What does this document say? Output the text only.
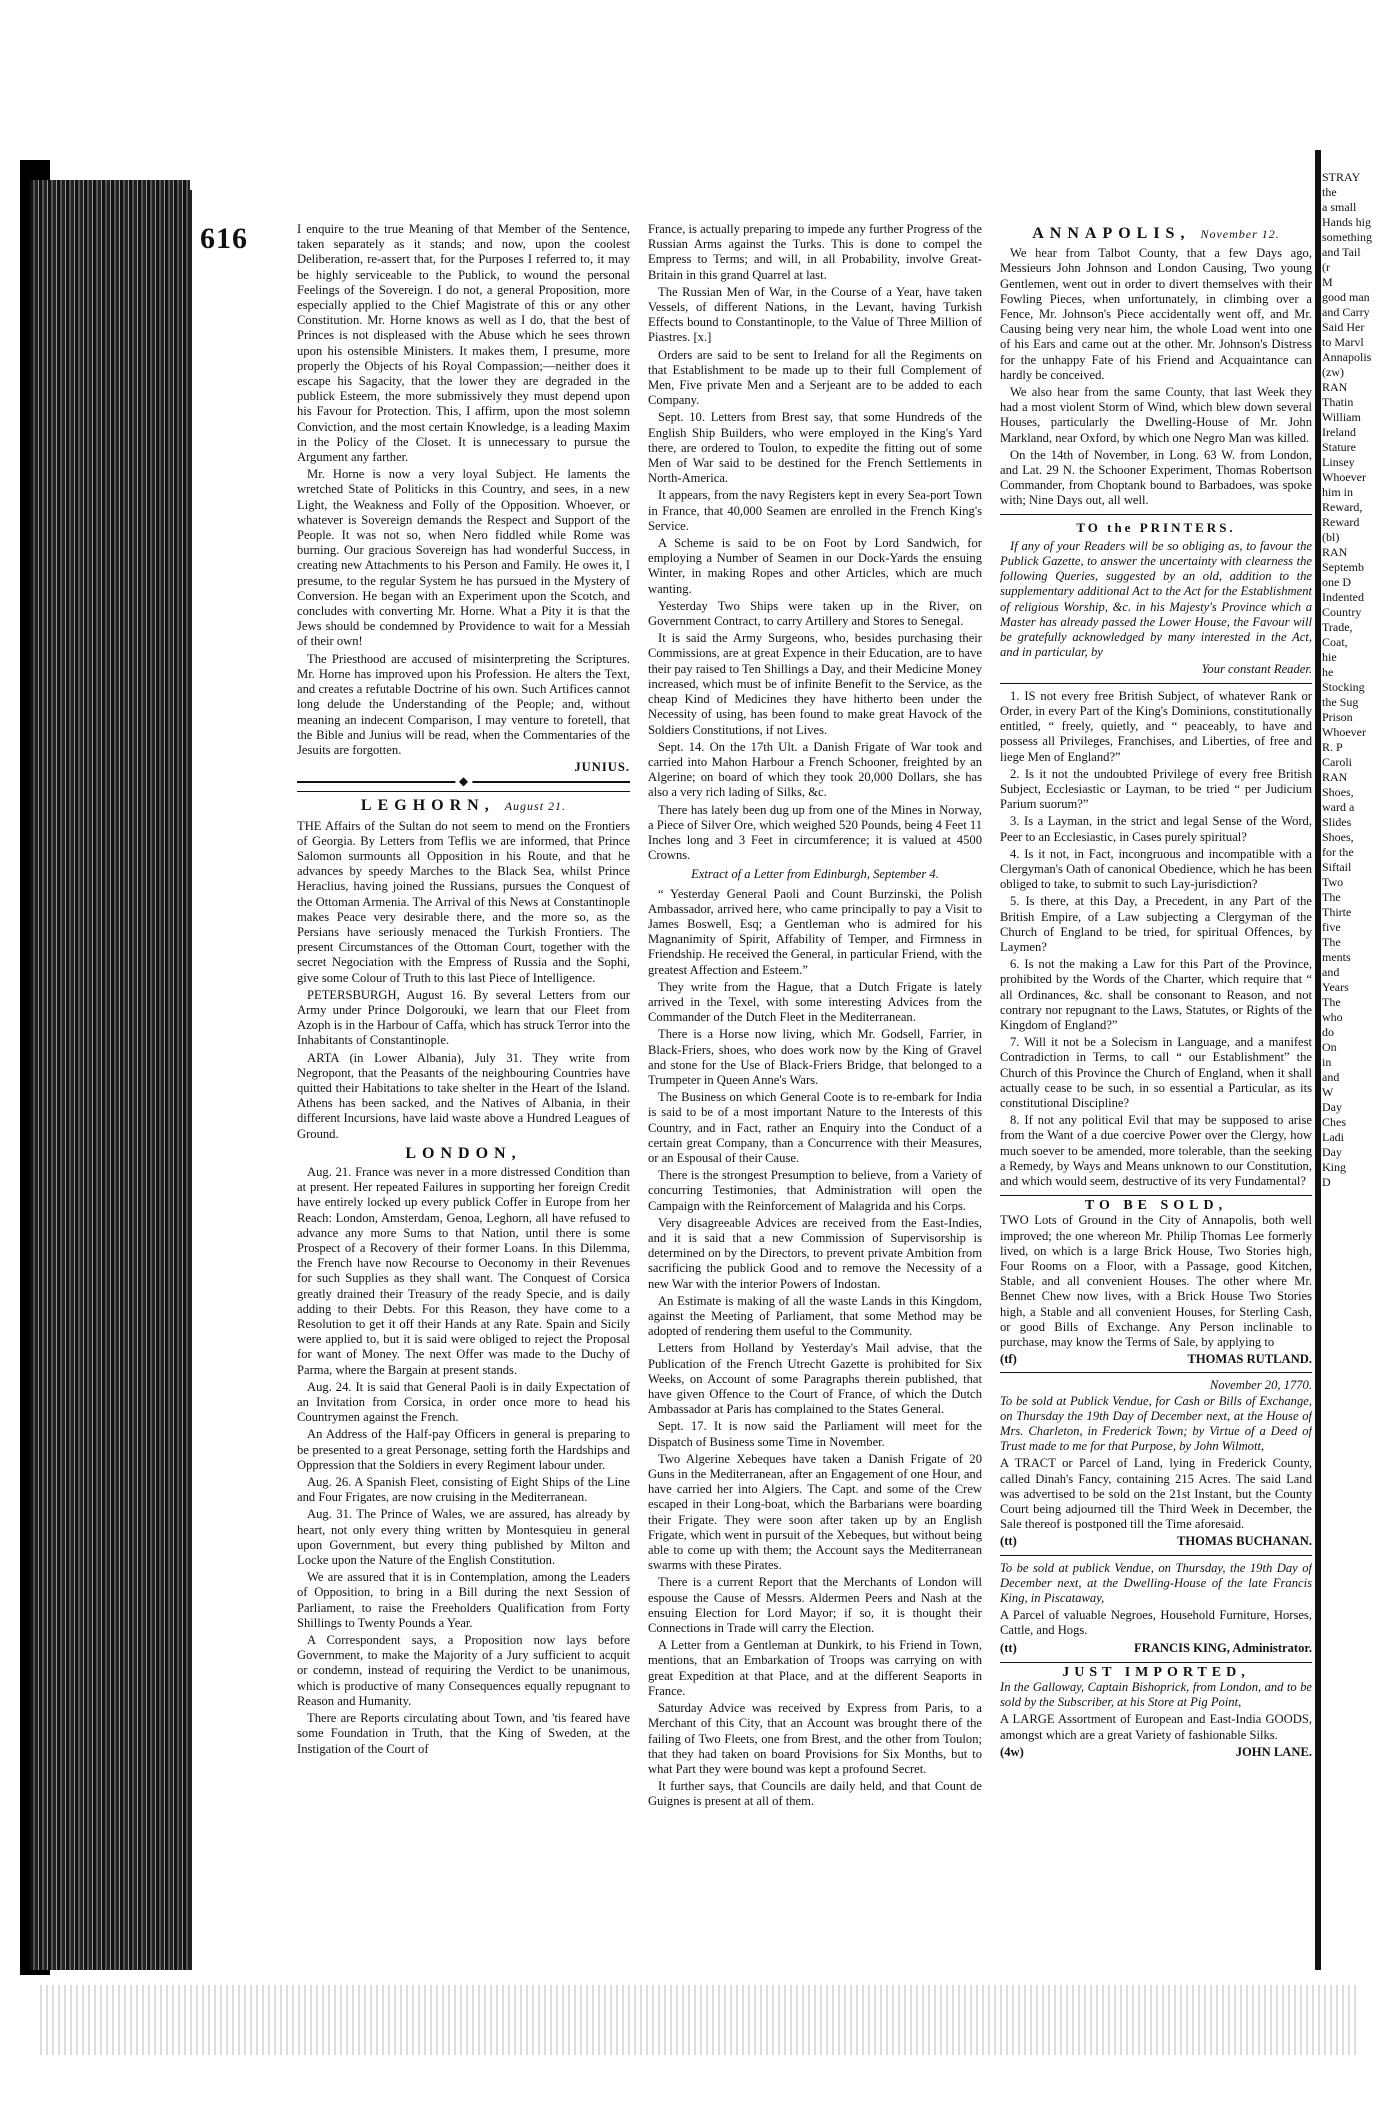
616	I enquire to the true Meaning of that Member of the Sentence, taken separately as it stands; and now, upon the coolest Deliberation, re-assert that, for the Purposes I referred to, it may be highly serviceable to the Publick, to wound the personal Feelings of the Sovereign. I do not, a general Proposition, more especially applied to the Chief Magistrate of this or any other Constitution. Mr. Horne knows as well as I do, that the best of Princes is not displeased with the Abuse which he sees thrown upon his ostensible Ministers. It makes them, I presume, more properly the Objects of his Royal Compassion;—neither does it escape his Sagacity, that the lower they are degraded in the publick Esteem, the more submissively they must depend upon his Favour for Protection. This, I affirm, upon the most solemn Conviction, and the most certain Knowledge, is a leading Maxim in the Policy of the Closet. It is unnecessary to pursue the Argument any farther.

Mr. Horne is now a very loyal Subject. He laments the wretched State of Politicks in this Country, and sees, in a new Light, the Weakness and Folly of the Opposition. Whoever, or whatever is Sovereign demands the Respect and Support of the People. It was not so, when Nero fiddled while Rome was burning. Our gracious Sovereign has had wonderful Success, in creating new Attachments to his Person and Family. He owes it, I presume, to the regular System he has pursued in the Mystery of Conversion. He began with an Experiment upon the Scotch, and concludes with converting Mr. Horne. What a Pity it is that the Jews should be condemned by Providence to wait for a Messiah of their own!

The Priesthood are accused of misinterpreting the Scriptures. Mr. Horne has improved upon his Profession. He alters the Text, and creates a refutable Doctrine of his own. Such Artifices cannot long delude the Understanding of the People; and, without meaning an indecent Comparison, I may venture to foretell, that the Bible and Junius will be read, when the Commentaries of the Jesuits are forgotten.

JUNIUS.
◆
LEGHORN, August 21.

THE Affairs of the Sultan do not seem to mend on the Frontiers of Georgia. By Letters from Teflis we are informed, that Prince Salomon surmounts all Opposition in his Route, and that he advances by speedy Marches to the Black Sea, whilst Prince Heraclius, having joined the Russians, pursues the Conquest of the Ottoman Armenia. The Arrival of this News at Constantinople makes Peace very desirable there, and the more so, as the Persians have seriously menaced the Turkish Frontiers. The present Circumstances of the Ottoman Court, together with the secret Negociation with the Empress of Russia and the Sophi, give some Colour of Truth to this last Piece of Intelligence.

PETERSBURGH, August 16. By several Letters from our Army under Prince Dolgorouki, we learn that our Fleet from Azoph is in the Harbour of Caffa, which has struck Terror into the Inhabitants of Constantinople.

ARTA (in Lower Albania), July 31. They write from Negropont, that the Peasants of the neighbouring Countries have quitted their Habitations to take shelter in the Heart of the Island. Athens has been sacked, and the Natives of Albania, in their different Incursions, have laid waste above a Hundred Leagues of Ground.

LONDON,

Aug. 21. France was never in a more distressed Condition than at present. Her repeated Failures in supporting her foreign Credit have entirely locked up every publick Coffer in Europe from her Reach: London, Amsterdam, Genoa, Leghorn, all have refused to advance any more Sums to that Nation, until there is some Prospect of a Recovery of their former Loans. In this Dilemma, the French have now Recourse to Oeconomy in their Revenues for such Supplies as they shall want. The Conquest of Corsica greatly drained their Treasury of the ready Specie, and is daily adding to their Debts. For this Reason, they have come to a Resolution to get it off their Hands at any Rate. Spain and Sicily were applied to, but it is said were obliged to reject the Proposal for want of Money. The next Offer was made to the Duchy of Parma, where the Bargain at present stands.

Aug. 24. It is said that General Paoli is in daily Expectation of an Invitation from Corsica, in order once more to head his Countrymen against the French.

An Address of the Half-pay Officers in general is preparing to be presented to a great Personage, setting forth the Hardships and Oppression that the Soldiers in every Regiment labour under.

Aug. 26. A Spanish Fleet, consisting of Eight Ships of the Line and Four Frigates, are now cruising in the Mediterranean.

Aug. 31. The Prince of Wales, we are assured, has already by heart, not only every thing written by Montesquieu in general upon Government, but every thing published by Milton and Locke upon the Nature of the English Constitution.

We are assured that it is in Contemplation, among the Leaders of Opposition, to bring in a Bill during the next Session of Parliament, to raise the Freeholders Qualification from Forty Shillings to Twenty Pounds a Year.

A Correspondent says, a Proposition now lays before Government, to make the Majority of a Jury sufficient to acquit or condemn, instead of requiring the Verdict to be unanimous, which is productive of many Consequences equally repugnant to Reason and Humanity.

There are Reports circulating about Town, and 'tis feared have some Foundation in Truth, that the King of Sweden, at the Instigation of the Court of

France, is actually preparing to impede any further Progress of the Russian Arms against the Turks. This is done to compel the Empress to Terms; and will, in all Probability, involve Great-Britain in this grand Quarrel at last.

The Russian Men of War, in the Course of a Year, have taken Vessels, of different Nations, in the Levant, having Turkish Effects bound to Constantinople, to the Value of Three Million of Piastres. [x.]

Orders are said to be sent to Ireland for all the Regiments on that Establishment to be made up to their full Complement of Men, Five private Men and a Serjeant are to be added to each Company.

Sept. 10. Letters from Brest say, that some Hundreds of the English Ship Builders, who were employed in the King's Yard there, are ordered to Toulon, to expedite the fitting out of some Men of War said to be destined for the French Settlements in North-America.

It appears, from the navy Registers kept in every Sea-port Town in France, that 40,000 Seamen are enrolled in the French King's Service.

A Scheme is said to be on Foot by Lord Sandwich, for employing a Number of Seamen in our Dock-Yards the ensuing Winter, in making Ropes and other Articles, which are much wanting.

Yesterday Two Ships were taken up in the River, on Government Contract, to carry Artillery and Stores to Senegal.

It is said the Army Surgeons, who, besides purchasing their Commissions, are at great Expence in their Education, are to have their pay raised to Ten Shillings a Day, and their Medicine Money increased, which must be of infinite Benefit to the Service, as the cheap Kind of Medicines they have hitherto been under the Necessity of using, has been found to make great Havock of the Soldiers Constitutions, if not Lives.

Sept. 14. On the 17th Ult. a Danish Frigate of War took and carried into Mahon Harbour a French Schooner, freighted by an Algerine; on board of which they took 20,000 Dollars, she has also a very rich lading of Silks, &c.

There has lately been dug up from one of the Mines in Norway, a Piece of Silver Ore, which weighed 520 Pounds, being 4 Feet 11 Inches long and 3 Feet in circumference; it is valued at 4500 Crowns.

Extract of a Letter from Edinburgh, September 4.

“ Yesterday General Paoli and Count Burzinski, the Polish Ambassador, arrived here, who came principally to pay a Visit to James Boswell, Esq; a Gentleman who is admired for his Magnanimity of Spirit, Affability of Temper, and Firmness in Friendship. He received the General, in particular Friend, with the greatest Affection and Esteem.”

They write from the Hague, that a Dutch Frigate is lately arrived in the Texel, with some interesting Advices from the Commander of the Dutch Fleet in the Mediterranean.

There is a Horse now living, which Mr. Godsell, Farrier, in Black-Friers, shoes, who does work now by the King of Gravel and stone for the Use of Black-Friers Bridge, that belonged to a Trumpeter in Queen Anne's Wars.

The Business on which General Coote is to re-embark for India is said to be of a most important Nature to the Interests of this Country, and in Fact, rather an Enquiry into the Conduct of a certain great Company, than a Concurrence with their Measures, or an Espousal of their Cause.

There is the strongest Presumption to believe, from a Variety of concurring Testimonies, that Administration will open the Campaign with the Reinforcement of Malagrida and his Corps.

Very disagreeable Advices are received from the East-Indies, and it is said that a new Commission of Supervisorship is determined on by the Directors, to prevent private Ambition from sacrificing the publick Good and to remove the Necessity of a new War with the interior Powers of Indostan.

An Estimate is making of all the waste Lands in this Kingdom, against the Meeting of Parliament, that some Method may be adopted of rendering them useful to the Community.

Letters from Holland by Yesterday's Mail advise, that the Publication of the French Utrecht Gazette is prohibited for Six Weeks, on Account of some Paragraphs therein published, that have given Offence to the Court of France, of which the Dutch Ambassador at Paris has complained to the States General.

Sept. 17. It is now said the Parliament will meet for the Dispatch of Business some Time in November.

Two Algerine Xebeques have taken a Danish Frigate of 20 Guns in the Mediterranean, after an Engagement of one Hour, and have carried her into Algiers. The Capt. and some of the Crew escaped in their Long-boat, which the Barbarians were boarding their Frigate. They were soon after taken up by an English Frigate, which went in pursuit of the Xebeques, but without being able to come up with them; the Account says the Mediterranean swarms with these Pirates.

There is a current Report that the Merchants of London will espouse the Cause of Messrs. Aldermen Peers and Nash at the ensuing Election for Lord Mayor; if so, it is thought their Connections in Trade will carry the Election.

A Letter from a Gentleman at Dunkirk, to his Friend in Town, mentions, that an Embarkation of Troops was carrying on with great Expedition at that Place, and at the different Seaports in France.

Saturday Advice was received by Express from Paris, to a Merchant of this City, that an Account was brought there of the failing of Two Fleets, one from Brest, and the other from Toulon; that they had taken on board Provisions for Six Months, but to what Part they were bound was kept a profound Secret.

It further says, that Councils are daily held, and that Count de Guignes is present at all of them.

ANNAPOLIS, November 12.

We hear from Talbot County, that a few Days ago, Messieurs John Johnson and London Causing, Two young Gentlemen, went out in order to divert themselves with their Fowling Pieces, when unfortunately, in climbing over a Fence, Mr. Johnson's Piece accidentally went off, and Mr. Causing being very near him, the whole Load went into one of his Ears and came out at the other. Mr. Johnson's Distress for the unhappy Fate of his Friend and Acquaintance can hardly be conceived.

We also hear from the same County, that last Week they had a most violent Storm of Wind, which blew down several Houses, particularly the Dwelling-House of Mr. John Markland, near Oxford, by which one Negro Man was killed.

On the 14th of November, in Long. 63 W. from London, and Lat. 29 N. the Schooner Experiment, Thomas Robertson Commander, from Choptank bound to Barbadoes, was spoke with; Nine Days out, all well.

TO the PRINTERS.

If any of your Readers will be so obliging as, to favour the Publick Gazette, to answer the uncertainty with clearness the following Queries, suggested by an old, addition to the supplementary additional Act to the Act for the Establishment of religious Worship, &c. in his Majesty's Province which a Master has already passed the Lower House, the Favour will be gratefully acknowledged by many interested in the Act, and in particular, by

Your constant Reader.

1. IS not every free British Subject, of whatever Rank or Order, in every Part of the King's Dominions, constitutionally entitled, “ freely, quietly, and “ peaceably, to have and possess all Privileges, Franchises, and Liberties, of free and liege Men of England?”

2. Is it not the undoubted Privilege of every free British Subject, Ecclesiastic or Layman, to be tried “ per Judicium Parium suorum?”

3. Is a Layman, in the strict and legal Sense of the Word, Peer to an Ecclesiastic, in Cases purely spiritual?

4. Is it not, in Fact, incongruous and incompatible with a Clergyman's Oath of canonical Obedience, which he has been obliged to take, to submit to such Lay-jurisdiction?

5. Is there, at this Day, a Precedent, in any Part of the British Empire, of a Law subjecting a Clergyman of the Church of England to be tried, for spiritual Offences, by Laymen?

6. Is not the making a Law for this Part of the Province, prohibited by the Words of the Charter, which require that “ all Ordinances, &c. shall be consonant to Reason, and not contrary nor repugnant to the Laws, Statutes, or Rights of the Kingdom of England?”

7. Will it not be a Solecism in Language, and a manifest Contradiction in Terms, to call “ our Establishment” the Church of this Province the Church of England, when it shall actually cease to be such, in so essential a Particular, as its constitutional Discipline?

8. If not any political Evil that may be supposed to arise from the Want of a due coercive Power over the Clergy, how much soever to be amended, more tolerable, than the seeking a Remedy, by Ways and Means unknown to our Constitution, and which would seem, destructive of its very Fundamental?

TO BE SOLD,

TWO Lots of Ground in the City of Annapolis, both well improved; the one whereon Mr. Philip Thomas Lee formerly lived, on which is a large Brick House, Two Stories high, Four Rooms on a Floor, with a Passage, good Kitchen, Stable, and all convenient Houses. The other where Mr. Bennet Chew now lives, with a Brick House Two Stories high, a Stable and all convenient Houses, for Sterling Cash, or good Bills of Exchange. Any Person inclinable to purchase, may know the Terms of Sale, by applying to

(tf)	THOMAS RUTLAND.
November 20, 1770.

To be sold at Publick Vendue, for Cash or Bills of Exchange, on Thursday the 19th Day of December next, at the House of Mrs. Charleton, in Frederick Town; by Virtue of a Deed of Trust made to me for that Purpose, by John Wilmott,

A TRACT or Parcel of Land, lying in Frederick County, called Dinah's Fancy, containing 215 Acres. The said Land was advertised to be sold on the 21st Instant, but the County Court being adjourned till the Third Week in December, the Sale thereof is postponed till the Time aforesaid.

(tt)	THOMAS BUCHANAN.

To be sold at publick Vendue, on Thursday, the 19th Day of December next, at the Dwelling-House of the late Francis King, in Piscataway,

A Parcel of valuable Negroes, Household Furniture, Horses, Cattle, and Hogs.

(tt)	FRANCIS KING, Administrator.
JUST IMPORTED,

In the Galloway, Captain Bishoprick, from London, and to be sold by the Subscriber, at his Store at Pig Point,

A LARGE Assortment of European and East-India GOODS, amongst which are a great Variety of fashionable Silks.

(4w)	JOHN LANE.
STRAY
the
a small
Hands hig
something
and Tail
(r
M
good man
and Carry
Said Her
to Marvl
Annapolis
(zw)
RAN
Thatin
William
Ireland
Stature
Linsey
Whoever
him in
Reward,
Reward
(bl)
RAN
Septemb
one D
Indented
Country
Trade,
Coat,
hie
he
Stocking
the Sug
Prison
Whoever
R. P
Caroli
RAN
Shoes,
ward a
Slides
Shoes,
for the
Siftail
Two
The
Thirte
five
The
ments
and
Years
The
who
do
On
in
and
W
Day
Ches
Ladi
Day
King
D
